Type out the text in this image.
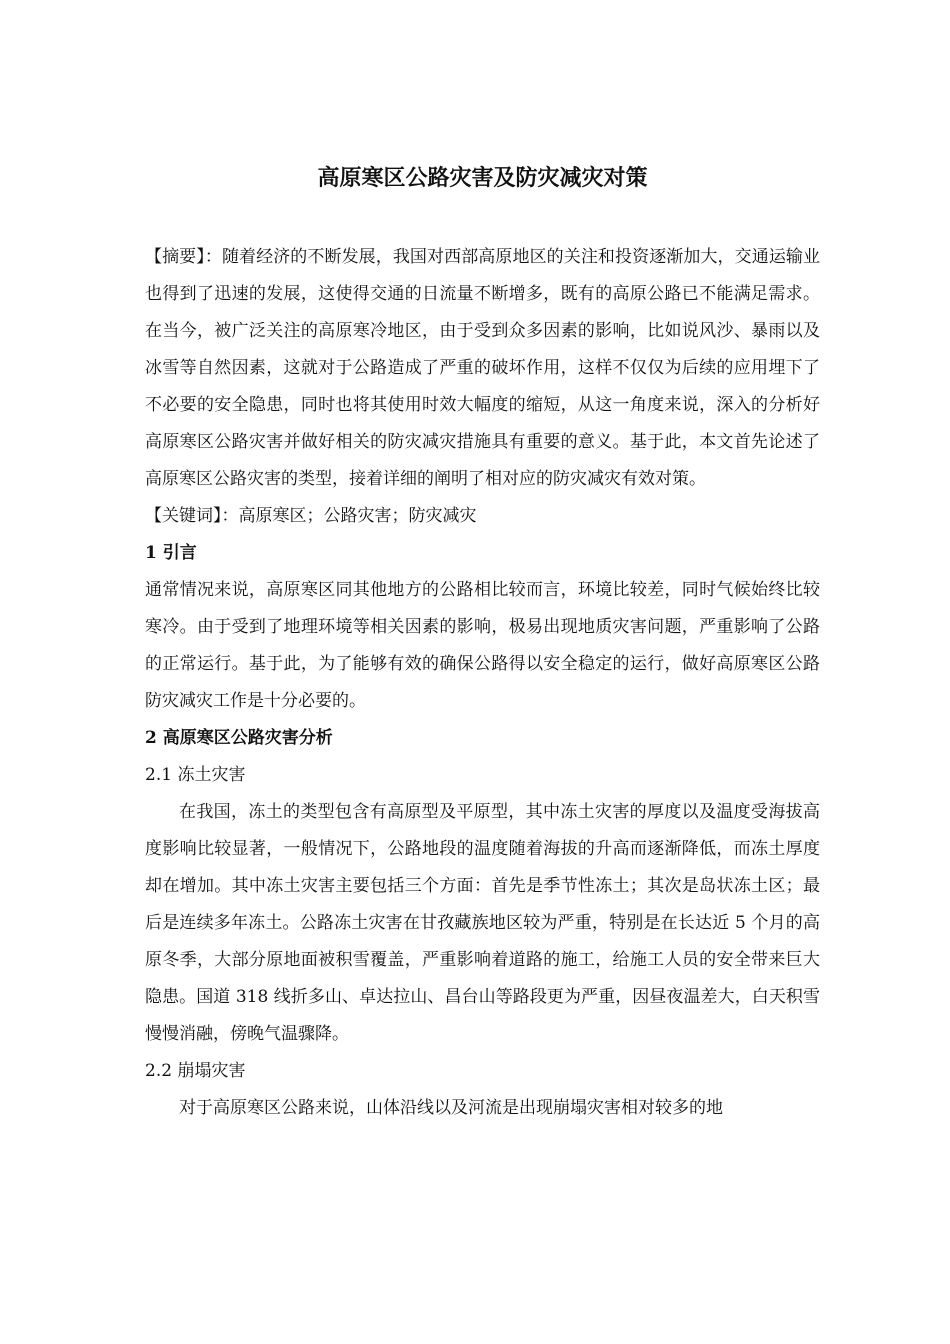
高原寒区公路灾害及防灾减灾对策

【摘要】：随着经济的不断发展，我国对西部高原地区的关注和投资逐渐加大，交通运输业也得到了迅速的发展，这使得交通的日流量不断增多，既有的高原公路已不能满足需求。在当今，被广泛关注的高原寒冷地区，由于受到众多因素的影响，比如说风沙、暴雨以及冰雪等自然因素，这就对于公路造成了严重的破坏作用，这样不仅仅为后续的应用埋下了不必要的安全隐患，同时也将其使用时效大幅度的缩短，从这一角度来说，深入的分析好高原寒区公路灾害并做好相关的防灾减灾措施具有重要的意义。基于此，本文首先论述了高原寒区公路灾害的类型，接着详细的阐明了相对应的防灾减灾有效对策。

【关键词】：高原寒区；公路灾害；防灾减灾

1 引言

通常情况来说，高原寒区同其他地方的公路相比较而言，环境比较差，同时气候始终比较寒冷。由于受到了地理环境等相关因素的影响，极易出现地质灾害问题，严重影响了公路的正常运行。基于此，为了能够有效的确保公路得以安全稳定的运行，做好高原寒区公路防灾减灾工作是十分必要的。

2 高原寒区公路灾害分析

2.1 冻土灾害

在我国，冻土的类型包含有高原型及平原型，其中冻土灾害的厚度以及温度受海拔高度影响比较显著，一般情况下，公路地段的温度随着海拔的升高而逐渐降低，而冻土厚度却在增加。其中冻土灾害主要包括三个方面：首先是季节性冻土；其次是岛状冻土区；最后是连续多年冻土。公路冻土灾害在甘孜藏族地区较为严重，特别是在长达近 5 个月的高原冬季，大部分原地面被积雪覆盖，严重影响着道路的施工，给施工人员的安全带来巨大隐患。国道 318 线折多山、卓达拉山、昌台山等路段更为严重，因昼夜温差大，白天积雪慢慢消融，傍晚气温骤降。

2.2 崩塌灾害

对于高原寒区公路来说，山体沿线以及河流是出现崩塌灾害相对较多的地
